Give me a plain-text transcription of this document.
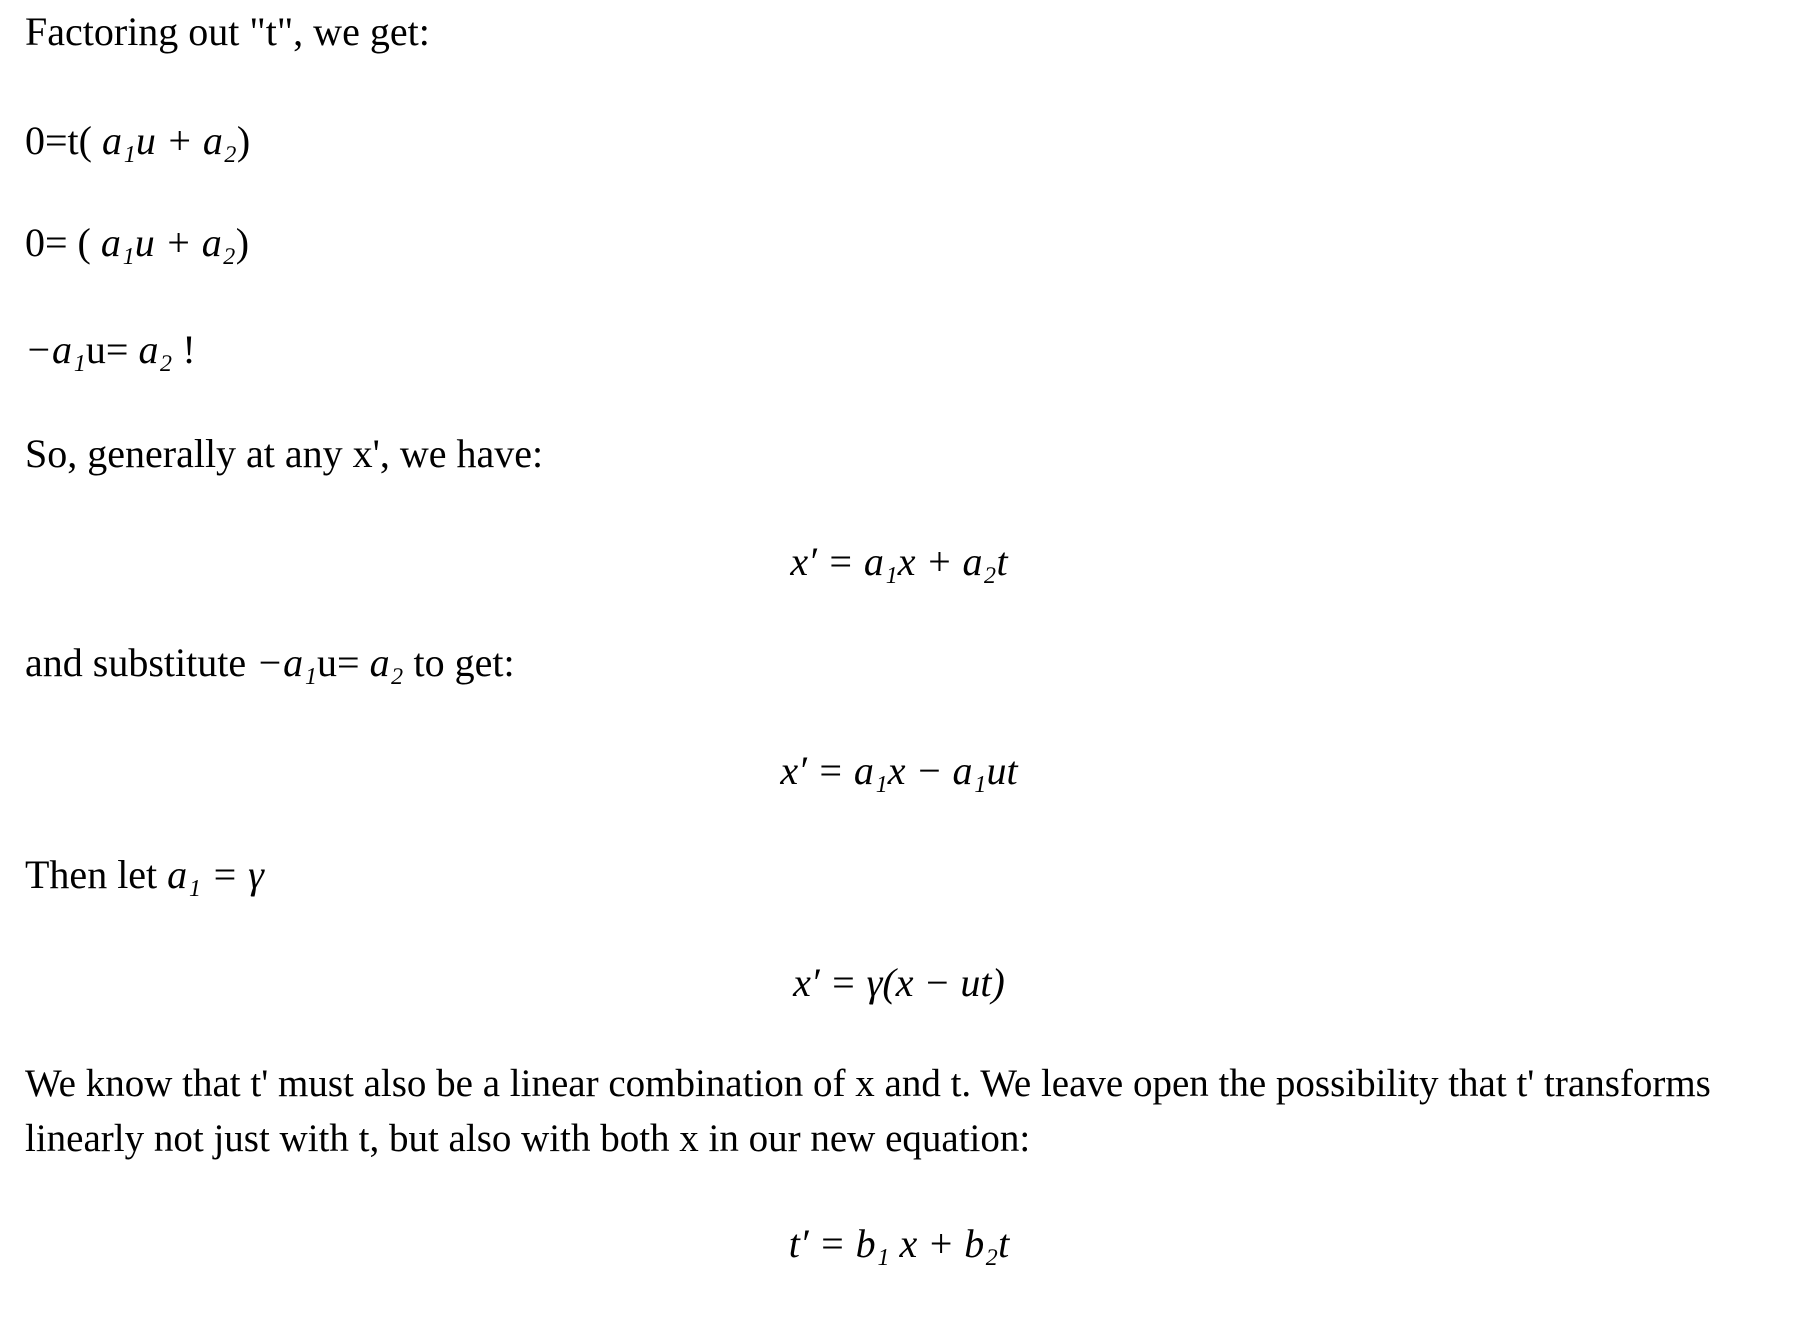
Factoring out "t", we get:
0=t( a₁u + a₂)
0= ( a₁u + a₂)
−a₁u= a₂ !
So, generally at any x', we have:
x′ = a₁x + a₂t
and substitute −a₁u= a₂ to get:
x′ = a₁x − a₁ut
Then let a₁ = γ
x′ = γ(x − ut)
We know that t' must also be a linear combination of x and t. We leave open the possibility that t' transforms linearly not just with t, but also with both x in our new equation:
t′ = b₁ x + b₂t
